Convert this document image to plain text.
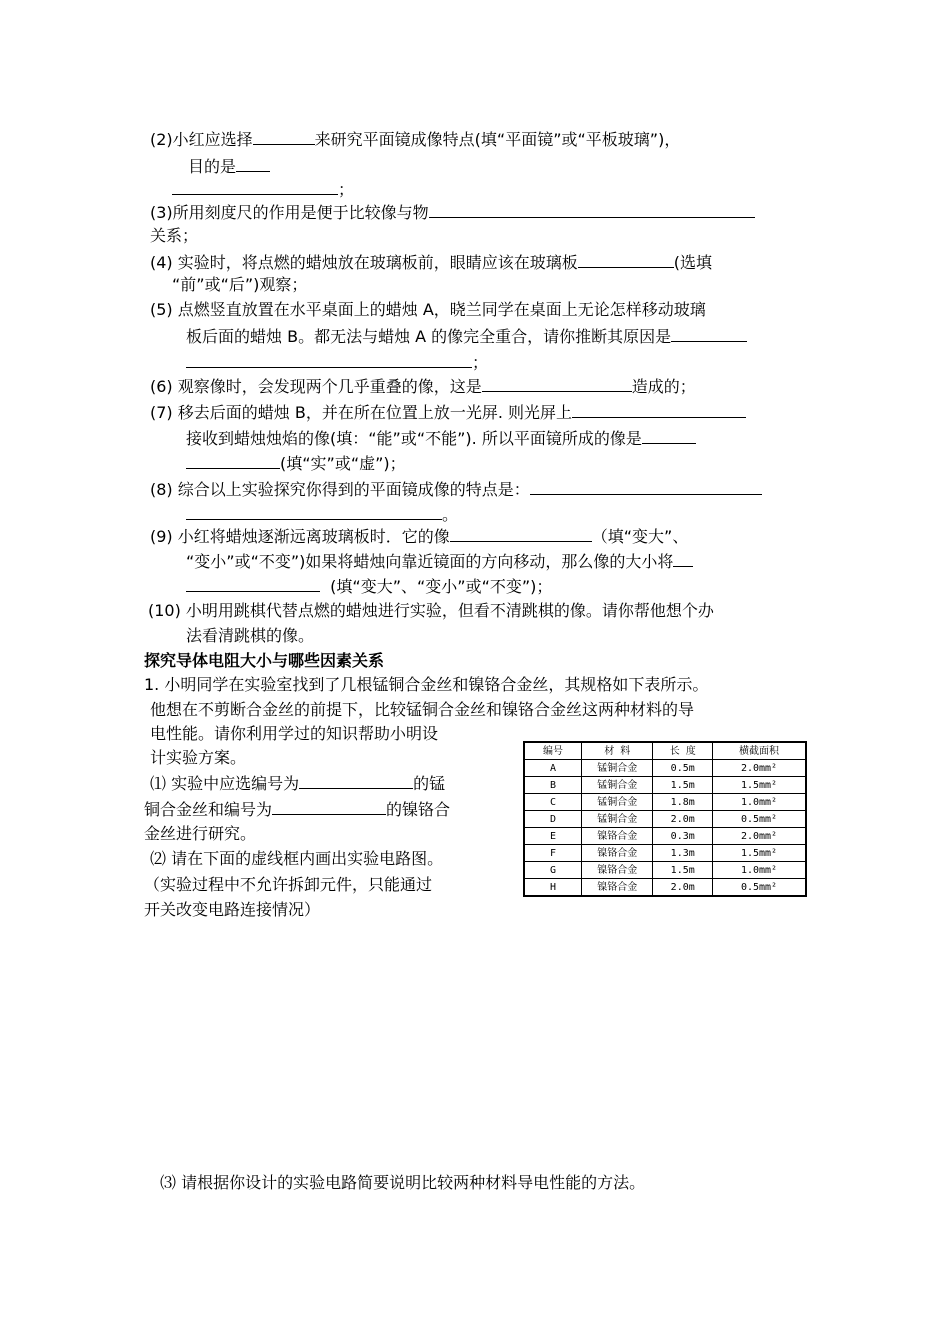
(2)小红应选择	来研究平面镜成像特点(填“平面镜”或“平板玻璃”)，
目的是
；
(3)所用刻度尺的作用是便于比较像与物
关系；
(4) 实验时，将点燃的蜡烛放在玻璃板前，眼睛应该在玻璃板	(选填
“前”或“后”)观察；
(5) 点燃竖直放置在水平桌面上的蜡烛 A，晓兰同学在桌面上无论怎样移动玻璃
板后面的蜡烛 B。都无法与蜡烛 A 的像完全重合，请你推断其原因是
；
(6) 观察像时，会发现两个几乎重叠的像，这是	造成的；
(7) 移去后面的蜡烛 B，并在所在位置上放一光屏. 则光屏上
接收到蜡烛烛焰的像(填：“能”或“不能”). 所以平面镜所成的像是
(填“实”或“虚”)；
(8) 综合以上实验探究你得到的平面镜成像的特点是：
。
(9) 小红将蜡烛逐渐远离玻璃板时．它的像	（填“变大”、
“变小”或“不变”)如果将蜡烛向靠近镜面的方向移动，那么像的大小将
(填“变大”、“变小”或“不变”)；
(10) 小明用跳棋代替点燃的蜡烛进行实验，但看不清跳棋的像。请你帮他想个办
法看清跳棋的像。
探究导体电阻大小与哪些因素关系
1. 小明同学在实验室找到了几根锰铜合金丝和镍铬合金丝，其规格如下表所示。
他想在不剪断合金丝的前提下，比较锰铜合金丝和镍铬合金丝这两种材料的导
电性能。请你利用学过的知识帮助小明设
计实验方案。
⑴ 实验中应选编号为	的锰
铜合金丝和编号为	的镍铬合
金丝进行研究。
⑵ 请在下面的虚线框内画出实验电路图。
（实验过程中不允许拆卸元件，只能通过
开关改变电路连接情况）
编号	材 料	长 度	横截面积
A	锰铜合金	0.5m	2.0mm²
B	锰铜合金	1.5m	1.5mm²
C	锰铜合金	1.8m	1.0mm²
D	锰铜合金	2.0m	0.5mm²
E	镍铬合金	0.3m	2.0mm²
F	镍铬合金	1.3m	1.5mm²
G	镍铬合金	1.5m	1.0mm²
H	镍铬合金	2.0m	0.5mm²
⑶ 请根据你设计的实验电路简要说明比较两种材料导电性能的方法。
